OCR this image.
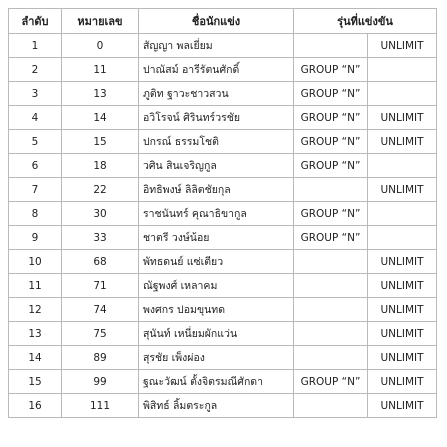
ลำดับ	หมายเลข	ชื่อนักแข่ง	รุ่นที่แข่งขัน	
1	0	สัญญา พลเยี่ยม		UNLIMIT
2	11	ปาณัสม์ อารีรัตนศักดิ์	GROUP “N”	
3	13	ภูติท ฐาวะชาวสวน	GROUP “N”	
4	14	อวิโรจน์ ศิรินทร์วรชัย	GROUP “N”	UNLIMIT
5	15	ปกรณ์ ธรรมโชติ	GROUP “N”	UNLIMIT
6	18	วศิน สินเจริญกูล	GROUP “N”	
7	22	อิทธิพงษ์ ลิลิตชัยกุล		UNLIMIT
8	30	ราชนันทร์ คุณาธิขากูล	GROUP “N”	
9	33	ชาตรี วงษ์น้อย	GROUP “N”	
10	68	พัทธดนย์ แซ่เตียว		UNLIMIT
11	71	ณัฐพงศ์ เหลาคม		UNLIMIT
12	74	พงศกร ปอมขุนทด		UNLIMIT
13	75	สุนันท์ เหนี่ยมผักแว่น		UNLIMIT
14	89	สุรชัย เพ็งผ่อง		UNLIMIT
15	99	ฐณะวัฒน์ ตั้งจิตรมณีศักดา	GROUP “N”	UNLIMIT
16	111	พิสิทธ์ ลิ้มตระกูล		UNLIMIT
